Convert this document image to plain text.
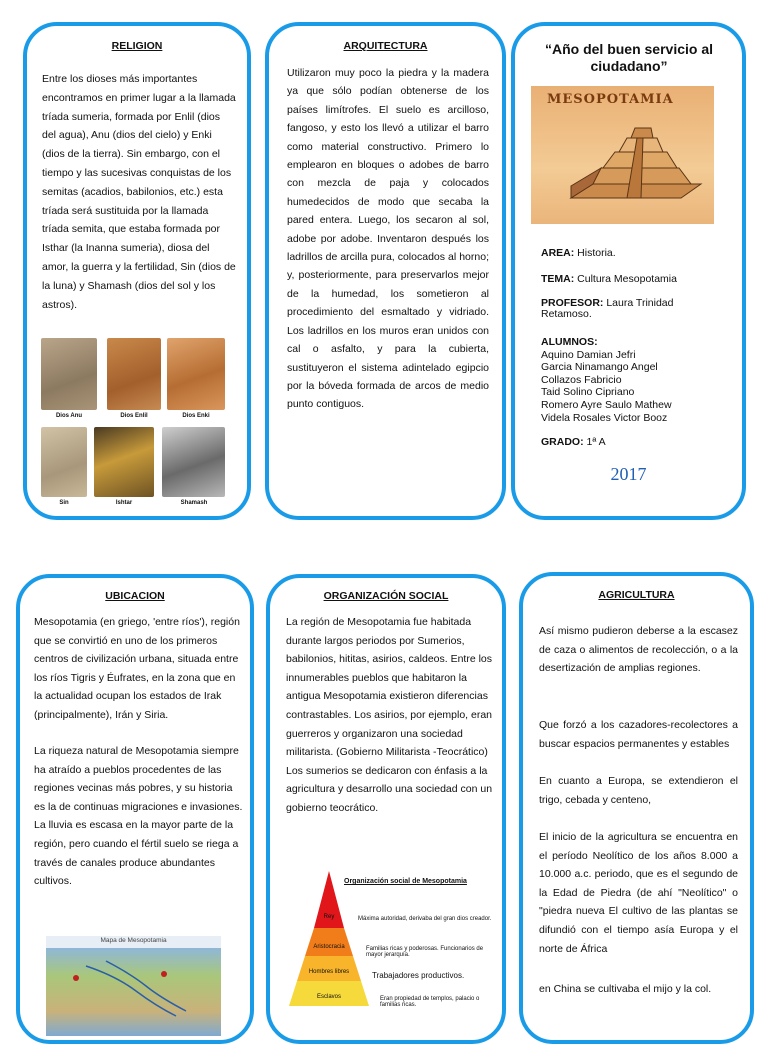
RELIGION
Entre los dioses más importantes encontramos en primer lugar a la llamada tríada sumeria, formada por Enlil (dios del agua), Anu (dios del cielo) y Enki (dios de la tierra). Sin embargo, con el tiempo y las sucesivas conquistas de los semitas (acadios, babilonios, etc.) esta tríada será sustituida por la llamada tríada semita, que estaba formada por Isthar (la Inanna sumeria), diosa del amor, la guerra y la fertilidad, Sin (dios de la luna) y Shamash (dios del sol y los astros).
Dios Anu	Dios Enlil	Dios Enki
Sin	Ishtar	Shamash
ARQUITECTURA
Utilizaron muy poco la piedra y la madera ya que sólo podían obtenerse de los países limítrofes. El suelo es arcilloso, fangoso, y esto los llevó a utilizar el barro como material constructivo. Primero lo emplearon en bloques o adobes de barro con mezcla de paja y colocados humedecidos de modo que secaba la pared entera. Luego, los secaron al sol, adobe por adobe. Inventaron después los ladrillos de arcilla pura, colocados al horno; y, posteriormente, para preservarlos mejor de la humedad, los sometieron al procedimiento del esmaltado y vidriado. Los ladrillos en los muros eran unidos con cal o asfalto, y para la cubierta, sustituyeron el sistema adintelado egipcio por la bóveda formada de arcos de medio punto contiguos.
“Año del buen servicio al ciudadano”
MESOPOTAMIA
AREA: Historia.
TEMA: Cultura Mesopotamia
PROFESOR: Laura Trinidad Retamoso.
ALUMNOS:
Aquino Damian Jefri
Garcia Ninamango Angel
Collazos Fabricio
Taid Solino Cipriano
Romero Ayre Saulo Mathew
Videla Rosales Victor Booz
GRADO: 1ª A
2017
UBICACION
Mesopotamia (en griego, 'entre ríos'), región que se convirtió en uno de los primeros centros de civilización urbana, situada entre los ríos Tigris y Éufrates, en la zona que en la actualidad ocupan los estados de Irak (principalmente), Irán y Siria.
La riqueza natural de Mesopotamia siempre ha atraído a pueblos procedentes de las regiones vecinas más pobres, y su historia es la de continuas migraciones e invasiones. La lluvia es escasa en la mayor parte de la región, pero cuando el fértil suelo se riega a través de canales produce abundantes cultivos.
Mapa de Mesopotamia
ORGANIZACIÓN SOCIAL
La región de Mesopotamia fue habitada durante largos periodos por Sumerios, babilonios, hititas, asirios, caldeos. Entre los innumerables pueblos que habitaron la antigua Mesopotamia existieron diferencias contrastables. Los asirios, por ejemplo, eran guerreros y organizaron una sociedad militarista. (Gobierno Militarista -Teocrático) Los sumerios se dedicaron con énfasis a la agricultura y desarrollo una sociedad con un gobierno teocrático.
Organización social de Mesopotamia
Rey
Aristocracia
Hombres libres
Esclavos
Máxima autoridad, derivaba del gran dios creador.
Familias ricas y poderosas. Funcionarios de mayor jerarquía.
Trabajadores productivos.
Eran propiedad de templos, palacio o familias ricas.
AGRICULTURA
Así mismo pudieron deberse a la escasez de caza o alimentos de recolección, o a la desertización de amplias regiones.
Que forzó a los cazadores-recolectores a buscar espacios permanentes y estables
En cuanto a Europa, se extendieron el trigo, cebada y centeno,
El inicio de la agricultura se encuentra en el período Neolítico de los años 8.000 a 10.000 a.c. periodo, que es el segundo de la Edad de Piedra (de ahí "Neolítico" o "piedra nueva El cultivo de las plantas se difundió con el tiempo asía Europa y el norte de África
en China se cultivaba el mijo y la col.
